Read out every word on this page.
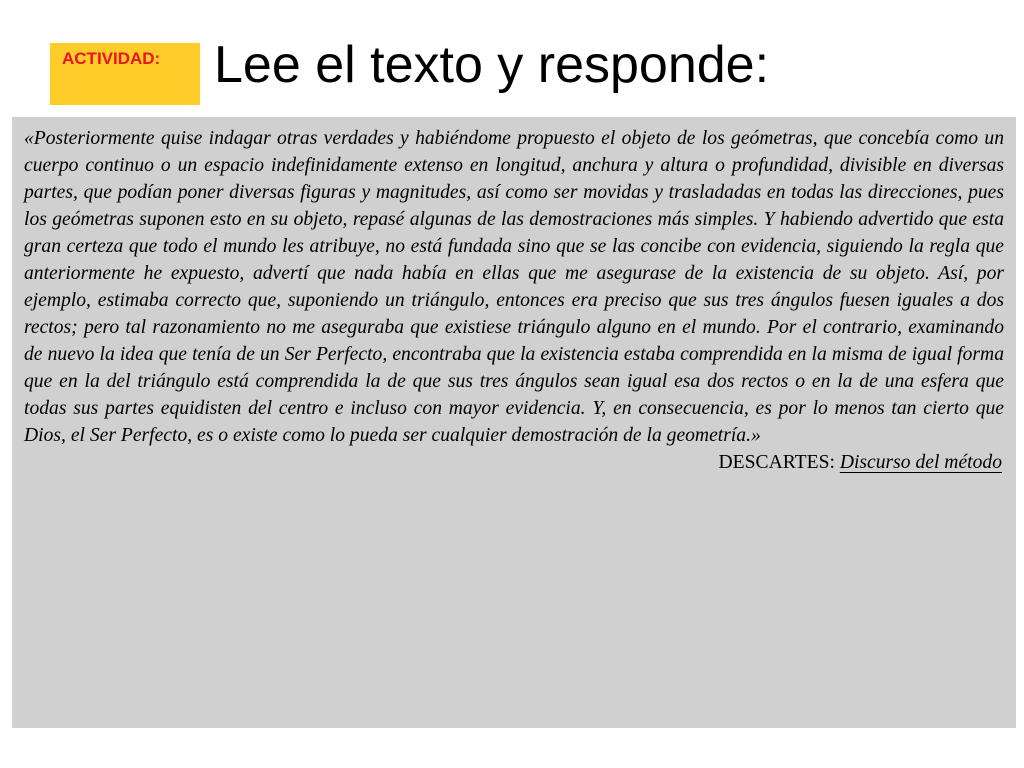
ACTIVIDAD:	Lee el texto y responde:

«Posteriormente quise indagar otras verdades y habiéndome propuesto el objeto de los geómetras, que concebía como un cuerpo continuo o un espacio indefinidamente extenso en longitud, anchura y altura o profundidad, divisible en diversas partes, que podían poner diversas figuras y magnitudes, así como ser movidas y trasladadas en todas las direcciones, pues los geómetras suponen esto en su objeto, repasé algunas de las demostraciones más simples. Y habiendo advertido que esta gran certeza que todo el mundo les atribuye, no está fundada sino que se las concibe con evidencia, siguiendo la regla que anteriormente he expuesto, advertí que nada había en ellas que me asegurase de la existencia de su objeto. Así, por ejemplo, estimaba correcto que, suponiendo un triángulo, entonces era preciso que sus tres ángulos fuesen iguales a dos rectos; pero tal razonamiento no me aseguraba que existiese triángulo alguno en el mundo. Por el contrario, examinando de nuevo la idea que tenía de un Ser Perfecto, encontraba que la existencia estaba comprendida en la misma de igual forma que en la del triángulo está comprendida la de que sus tres ángulos sean igual esa dos rectos o en la de una esfera que todas sus partes equidisten del centro e incluso con mayor evidencia. Y, en consecuencia, es por lo menos tan cierto que Dios, el Ser Perfecto, es o existe como lo pueda ser cualquier demostración de la geometría.»

DESCARTES: Discurso del método
